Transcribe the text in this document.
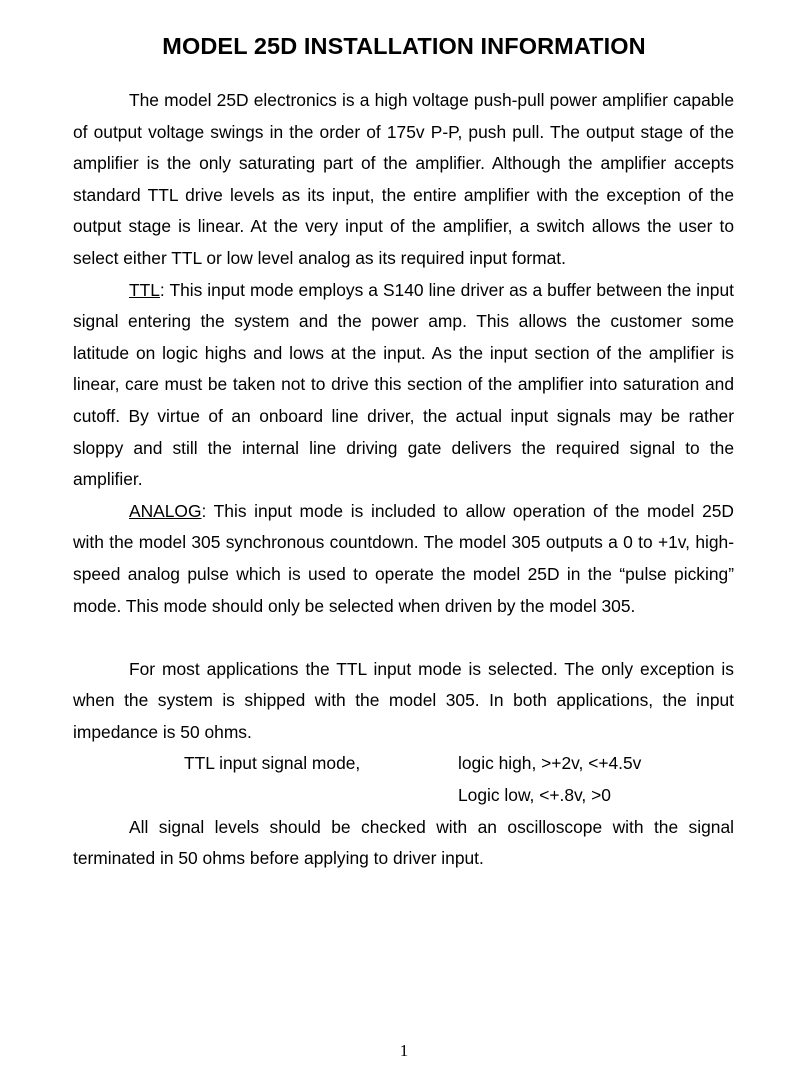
MODEL 25D INSTALLATION INFORMATION

The model 25D electronics is a high voltage push-pull power amplifier capable of output voltage swings in the order of 175v P-P, push pull. The output stage of the amplifier is the only saturating part of the amplifier. Although the amplifier accepts standard TTL drive levels as its input, the entire amplifier with the exception of the output stage is linear. At the very input of the amplifier, a switch allows the user to select either TTL or low level analog as its required input format.

TTL: This input mode employs a S140 line driver as a buffer between the input signal entering the system and the power amp. This allows the customer some latitude on logic highs and lows at the input. As the input section of the amplifier is linear, care must be taken not to drive this section of the amplifier into saturation and cutoff. By virtue of an onboard line driver, the actual input signals may be rather sloppy and still the internal line driving gate delivers the required signal to the amplifier.

ANALOG: This input mode is included to allow operation of the model 25D with the model 305 synchronous countdown. The model 305 outputs a 0 to +1v, high-speed analog pulse which is used to operate the model 25D in the “pulse picking” mode. This mode should only be selected when driven by the model 305.

For most applications the TTL input mode is selected. The only exception is when the system is shipped with the model 305. In both applications, the input impedance is 50 ohms.

TTL input signal mode,	logic high, >+2v, <+4.5v
Logic low, <+.8v, >0

All signal levels should be checked with an oscilloscope with the signal terminated in 50 ohms before applying to driver input.

1
